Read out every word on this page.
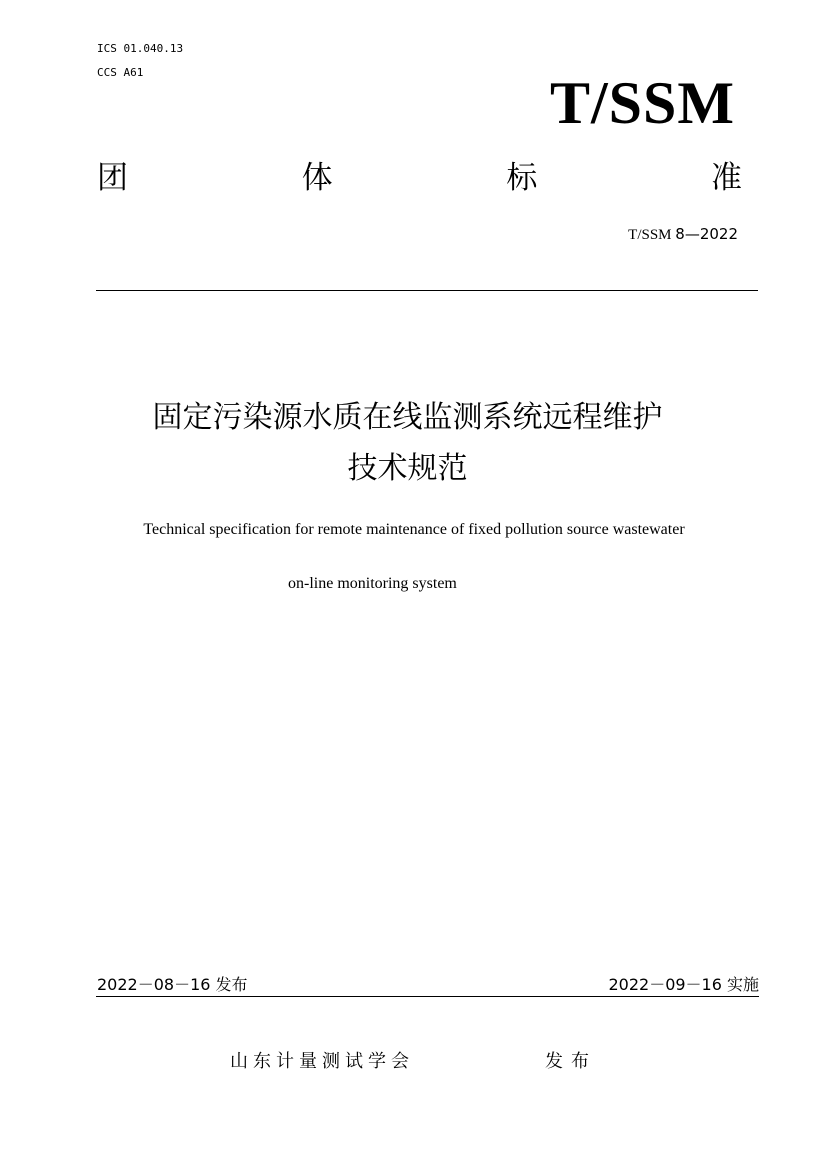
ICS 01.040.13
CCS A61	T/SSM
团	体	标	准
T/SSM 8—2022
固定污染源水质在线监测系统远程维护
技术规范
Technical specification for remote maintenance of fixed pollution source wastewater
on-line monitoring system
2022－08－16 发布	2022－09－16 实施
山东计量测试学会	发布
